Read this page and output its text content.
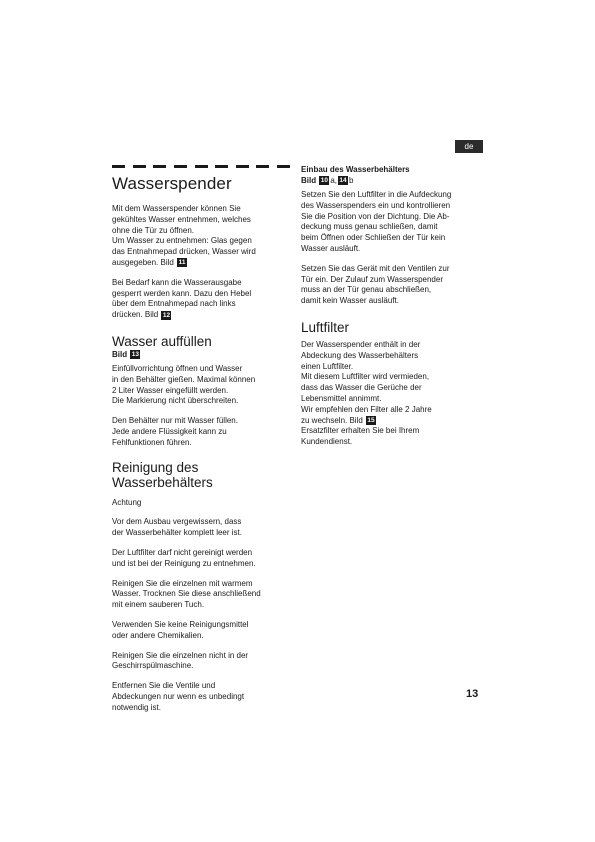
de
Wasserspender

Mit dem Wasserspender können Sie
gekühltes Wasser entnehmen, welches
ohne die Tür zu öffnen.
Um Wasser zu entnehmen: Glas gegen
das Entnahmepad drücken, Wasser wird
ausgegeben. Bild 11

Bei Bedarf kann die Wasserausgabe
gesperrt werden kann. Dazu den Hebel
über dem Entnahmepad nach links
drücken. Bild 12

Wasser auffüllen
Bild 13

Einfüllvorrichtung öffnen und Wasser
in den Behälter gießen. Maximal können
2 Liter Wasser eingefüllt werden.
Die Markierung nicht überschreiten.

Den Behälter nur mit Wasser füllen.
Jede andere Flüssigkeit kann zu
Fehlfunktionen führen.

Reinigung des Wasserbehälters

Achtung

Vor dem Ausbau vergewissern, dass
der Wasserbehälter komplett leer ist.

Der Luftfilter darf nicht gereinigt werden
und ist bei der Reinigung zu entnehmen.

Reinigen Sie die einzelnen mit warmem
Wasser. Trocknen Sie diese anschließend
mit einem sauberen Tuch.

Verwenden Sie keine Reinigungsmittel
oder andere Chemikalien.

Reinigen Sie die einzelnen nicht in der
Geschirrspülmaschine.

Entfernen Sie die Ventile und
Abdeckungen nur wenn es unbedingt
notwendig ist.

Einbau des Wasserbehälters
Bild 10 a, 14 b

Setzen Sie den Luftfilter in die Aufdeckung
des Wasserspenders ein und kontrollieren
Sie die Position von der Dichtung. Die Ab-
deckung muss genau schließen, damit
beim Öffnen oder Schließen der Tür kein
Wasser ausläuft.

Setzen Sie das Gerät mit den Ventilen zur
Tür ein. Der Zulauf zum Wasserspender
muss an der Tür genau abschließen,
damit kein Wasser ausläuft.

Luftfilter

Der Wasserspender enthält in der
Abdeckung des Wasserbehälters
einen Luftfilter.
Mit diesem Luftfilter wird vermieden,
dass das Wasser die Gerüche der
Lebensmittel annimmt.
Wir empfehlen den Filter alle 2 Jahre
zu wechseln. Bild 15
Ersatzfilter erhalten Sie bei Ihrem
Kundendienst.

13
